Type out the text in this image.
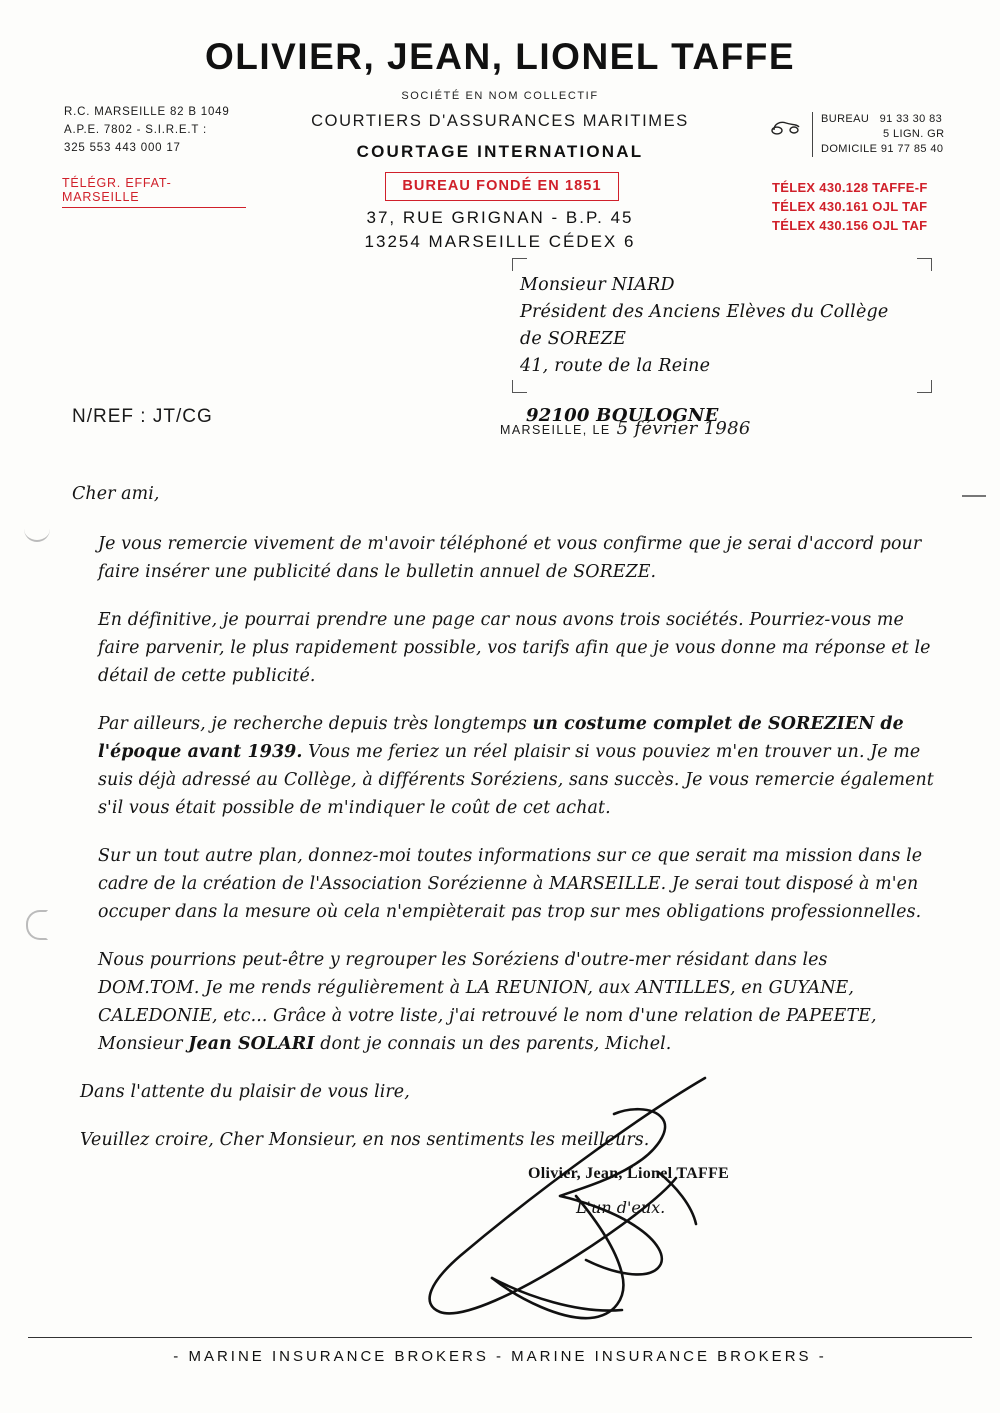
OLIVIER, JEAN, LIONEL TAFFE
SOCIÉTÉ EN NOM COLLECTIF
COURTIERS D'ASSURANCES MARITIMES
COURTAGE INTERNATIONAL
R.C. MARSEILLE 82 B 1049
A.P.E. 7802 - S.I.R.E.T :
325 553 443 000 17
TÉLÉGR. EFFAT-MARSEILLE
BUREAU 91 33 30 83
5 LIGN. GR
DOMICILE 91 77 85 40
BUREAU FONDÉ EN 1851	TÉLEX 430.128 TAFFE-F
TÉLEX 430.161 OJL TAF
TÉLEX 430.156 OJL TAF
37, RUE GRIGNAN - B.P. 45
13254 MARSEILLE CÉDEX 6
Monsieur NIARD
Président des Anciens Elèves du Collège
de SOREZE
41, route de la Reine
92100 BOULOGNE
N/REF : JT/CG
MARSEILLE, LE 5 février 1986

Cher ami,

Je vous remercie vivement de m'avoir téléphoné et vous confirme que je serai d'accord pour faire insérer une publicité dans le bulletin annuel de SOREZE.

En définitive, je pourrai prendre une page car nous avons trois sociétés. Pourriez-vous me faire parvenir, le plus rapidement possible, vos tarifs afin que je vous donne ma réponse et le détail de cette publicité.

Par ailleurs, je recherche depuis très longtemps un costume complet de SOREZIEN de l'époque avant 1939. Vous me feriez un réel plaisir si vous pouviez m'en trouver un. Je me suis déjà adressé au Collège, à différents Soréziens, sans succès. Je vous remercie également s'il vous était possible de m'indiquer le coût de cet achat.

Sur un tout autre plan, donnez-moi toutes informations sur ce que serait ma mission dans le cadre de la création de l'Association Sorézienne à MARSEILLE. Je serai tout disposé à m'en occuper dans la mesure où cela n'empièterait pas trop sur mes obligations professionnelles.

Nous pourrions peut-être y regrouper les Soréziens d'outre-mer résidant dans les DOM.TOM. Je me rends régulièrement à LA REUNION, aux ANTILLES, en GUYANE, CALEDONIE, etc... Grâce à votre liste, j'ai retrouvé le nom d'une relation de PAPEETE, Monsieur Jean SOLARI dont je connais un des parents, Michel.

Dans l'attente du plaisir de vous lire,

Veuillez croire, Cher Monsieur, en nos sentiments les meilleurs.

Olivier, Jean, Lionel TAFFE
L'un d'eux.
- MARINE INSURANCE BROKERS - MARINE INSURANCE BROKERS -
